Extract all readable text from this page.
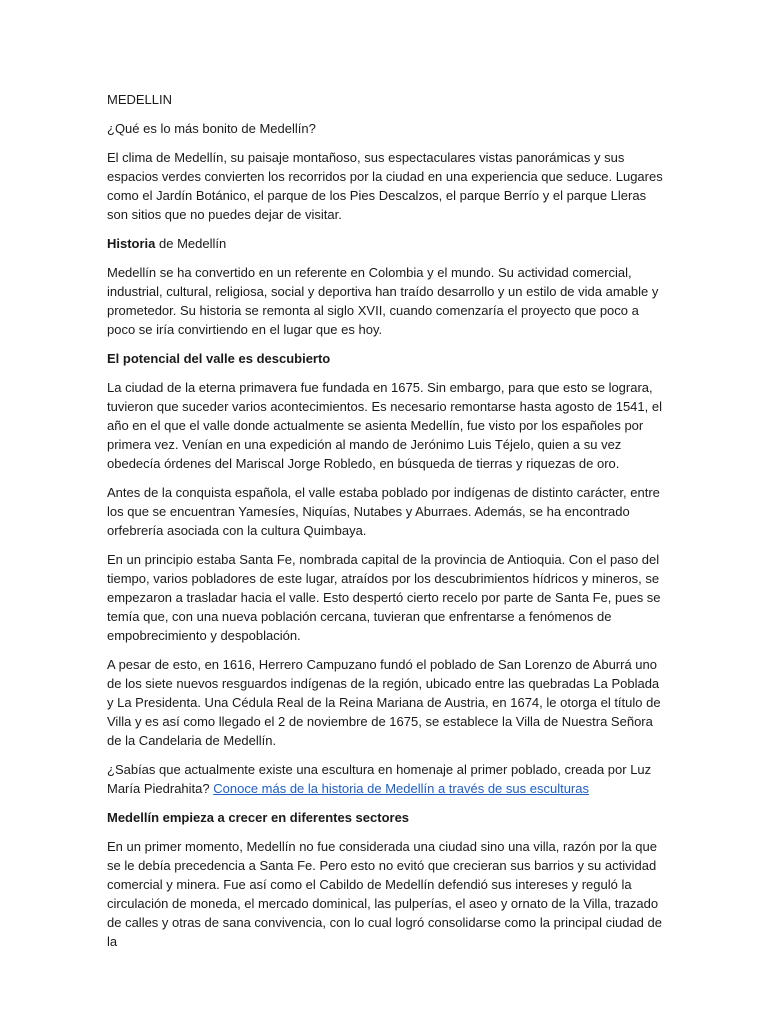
MEDELLIN

¿Qué es lo más bonito de Medellín?

El clima de Medellín, su paisaje montañoso, sus espectaculares vistas panorámicas y sus espacios verdes convierten los recorridos por la ciudad en una experiencia que seduce. Lugares como el Jardín Botánico, el parque de los Pies Descalzos, el parque Berrío y el parque Lleras son sitios que no puedes dejar de visitar.

Historia de Medellín

Medellín se ha convertido en un referente en Colombia y el mundo. Su actividad comercial, industrial, cultural, religiosa, social y deportiva han traído desarrollo y un estilo de vida amable y prometedor. Su historia se remonta al siglo XVII, cuando comenzaría el proyecto que poco a poco se iría convirtiendo en el lugar que es hoy.

El potencial del valle es descubierto

La ciudad de la eterna primavera fue fundada en 1675. Sin embargo, para que esto se lograra, tuvieron que suceder varios acontecimientos. Es necesario remontarse hasta agosto de 1541, el año en el que el valle donde actualmente se asienta Medellín, fue visto por los españoles por primera vez. Venían en una expedición al mando de Jerónimo Luis Téjelo, quien a su vez obedecía órdenes del Mariscal Jorge Robledo, en búsqueda de tierras y riquezas de oro.

Antes de la conquista española, el valle estaba poblado por indígenas de distinto carácter, entre los que se encuentran Yamesíes, Niquías, Nutabes y Aburraes. Además, se ha encontrado orfebrería asociada con la cultura Quimbaya.

En un principio estaba Santa Fe, nombrada capital de la provincia de Antioquia. Con el paso del tiempo, varios pobladores de este lugar, atraídos por los descubrimientos hídricos y mineros, se empezaron a trasladar hacia el valle. Esto despertó cierto recelo por parte de Santa Fe, pues se temía que, con una nueva población cercana, tuvieran que enfrentarse a fenómenos de empobrecimiento y despoblación.

A pesar de esto, en 1616, Herrero Campuzano fundó el poblado de San Lorenzo de Aburrá uno de los siete nuevos resguardos indígenas de la región, ubicado entre las quebradas La Poblada y La Presidenta. Una Cédula Real de la Reina Mariana de Austria, en 1674, le otorga el título de Villa y es así como llegado el 2 de noviembre de 1675, se establece la Villa de Nuestra Señora de la Candelaria de Medellín.

¿Sabías que actualmente existe una escultura en homenaje al primer poblado, creada por Luz María Piedrahita? Conoce más de la historia de Medellín a través de sus esculturas

Medellín empieza a crecer en diferentes sectores

En un primer momento, Medellín no fue considerada una ciudad sino una villa, razón por la que se le debía precedencia a Santa Fe. Pero esto no evitó que crecieran sus barrios y su actividad comercial y minera. Fue así como el Cabildo de Medellín defendió sus intereses y reguló la circulación de moneda, el mercado dominical, las pulperías, el aseo y ornato de la Villa, trazado de calles y otras de sana convivencia, con lo cual logró consolidarse como la principal ciudad de la
